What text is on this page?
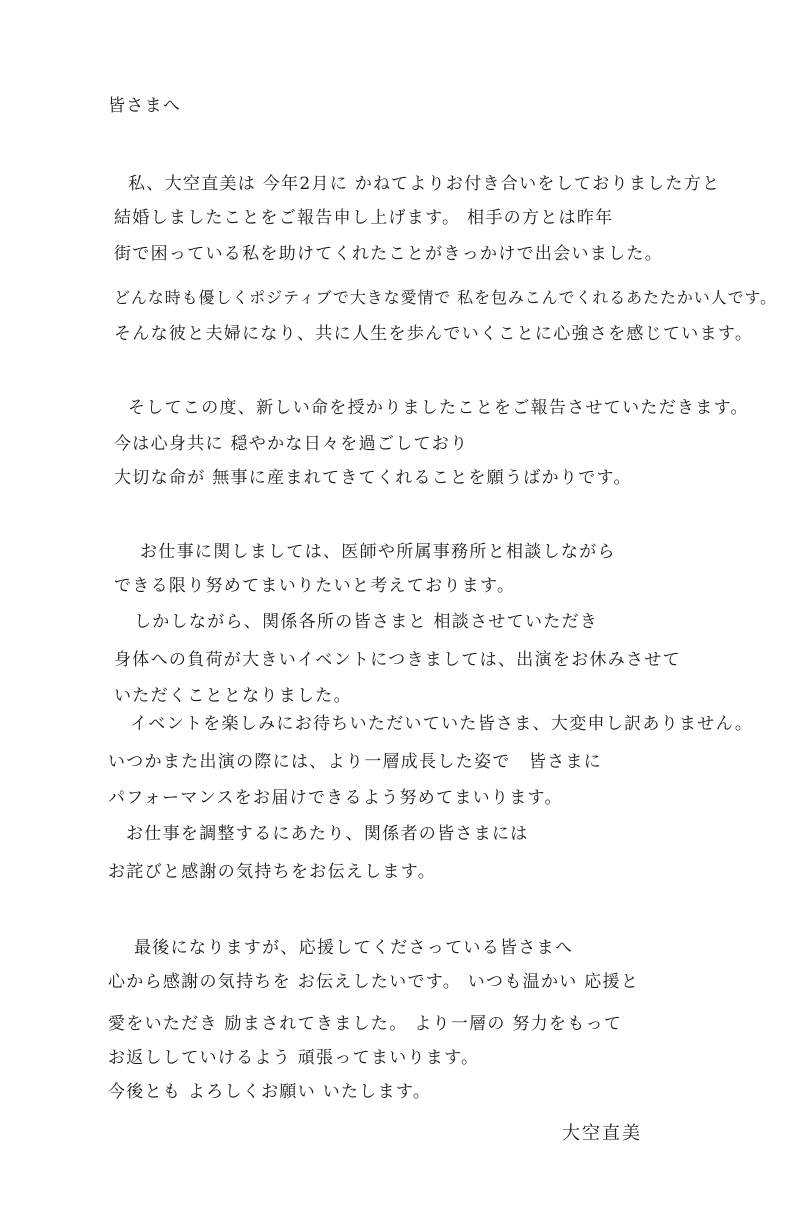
皆さまへ
私、大空直美は 今年2月に かねてよりお付き合いをしておりました方と
結婚しましたことをご報告申し上げます。 相手の方とは昨年
街で困っている私を助けてくれたことがきっかけで出会いました。
どんな時も優しくポジティブで大きな愛情で 私を包みこんでくれるあたたかい人です。
そんな彼と夫婦になり、共に人生を歩んでいくことに心強さを感じています。
そしてこの度、新しい命を授かりましたことをご報告させていただきます。
今は心身共に 穏やかな日々を過ごしており
大切な命が 無事に産まれてきてくれることを願うばかりです。
お仕事に関しましては、医師や所属事務所と相談しながら
できる限り努めてまいりたいと考えております。
しかしながら、関係各所の皆さまと 相談させていただき
身体への負荷が大きいイベントにつきましては、出演をお休みさせて
いただくこととなりました。
イベントを楽しみにお待ちいただいていた皆さま、大変申し訳ありません。
いつかまた出演の際には、より一層成長した姿で　皆さまに
パフォーマンスをお届けできるよう努めてまいります。
お仕事を調整するにあたり、関係者の皆さまには
お詫びと感謝の気持ちをお伝えします。
最後になりますが、応援してくださっている皆さまへ
心から感謝の気持ちを お伝えしたいです。 いつも温かい 応援と
愛をいただき 励まされてきました。 より一層の 努力をもって
お返ししていけるよう 頑張ってまいります。
今後とも よろしくお願い いたします。
大空直美
